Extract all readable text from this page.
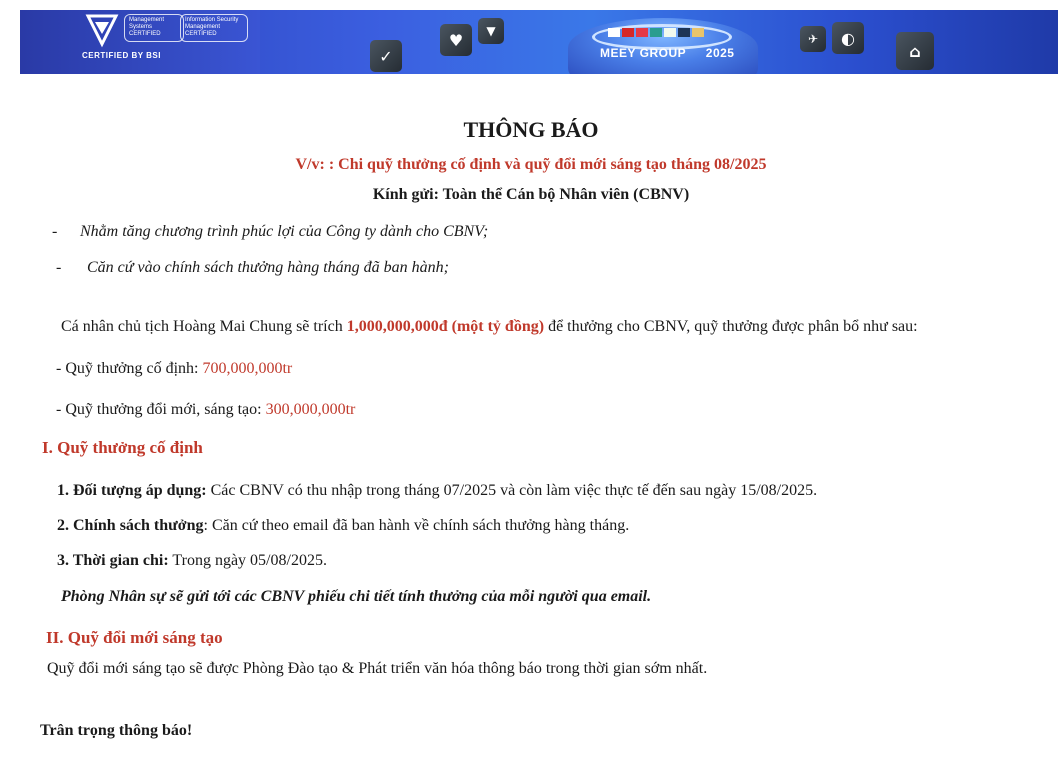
Management Systems CERTIFIED
Information Security Management CERTIFIED
CERTIFIED BY BSI	✓
♥	▼
MEEY GROUP 2025
✈	◐
⌂
THÔNG BÁO
V/v: : Chi quỹ thưởng cố định và quỹ đổi mới sáng tạo tháng 08/2025
Kính gửi: Toàn thể Cán bộ Nhân viên (CBNV)
- Nhằm tăng chương trình phúc lợi của Công ty dành cho CBNV;
- Căn cứ vào chính sách thưởng hàng tháng đã ban hành;
Cá nhân chủ tịch Hoàng Mai Chung sẽ trích 1,000,000,000đ (một tỷ đồng) để thưởng cho CBNV, quỹ thưởng được phân bổ như sau:
- Quỹ thưởng cố định: 700,000,000tr
- Quỹ thưởng đổi mới, sáng tạo: 300,000,000tr
I. Quỹ thưởng cố định
1. Đối tượng áp dụng: Các CBNV có thu nhập trong tháng 07/2025 và còn làm việc thực tế đến sau ngày 15/08/2025.
2. Chính sách thưởng: Căn cứ theo email đã ban hành về chính sách thưởng hàng tháng.
3. Thời gian chi: Trong ngày 05/08/2025.
Phòng Nhân sự sẽ gửi tới các CBNV phiếu chi tiết tính thưởng của mỗi người qua email.
II. Quỹ đổi mới sáng tạo
Quỹ đổi mới sáng tạo sẽ được Phòng Đào tạo & Phát triển văn hóa thông báo trong thời gian sớm nhất.
Trân trọng thông báo!
